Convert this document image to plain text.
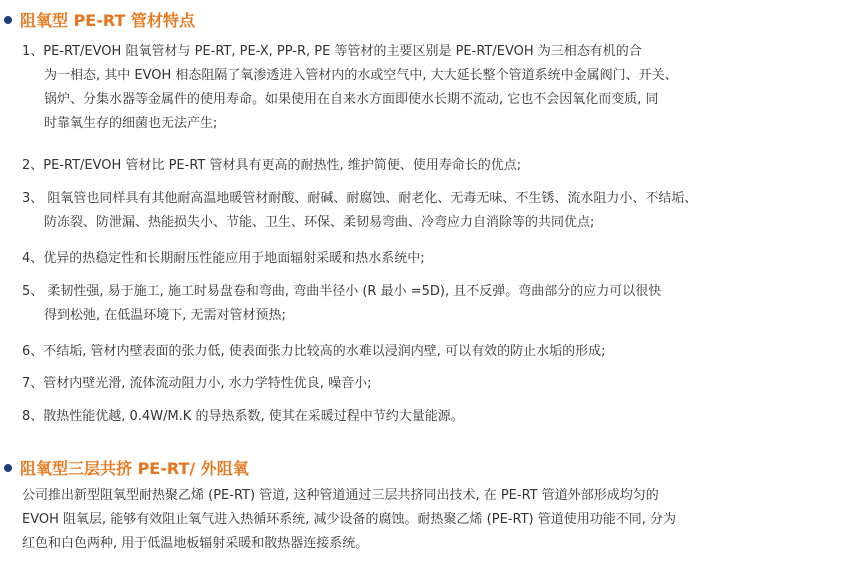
阻氧型 PE-RT 管材特点
1、PE-RT/EVOH 阻氧管材与 PE-RT, PE-X, PP-R, PE 等管材的主要区别是 PE-RT/EVOH 为三相态有机的合
为一相态, 其中 EVOH 相态阻隔了氧渗透进入管材内的水或空气中, 大大延长整个管道系统中金属阀门、开关、
锅炉、分集水器等金属件的使用寿命。如果使用在自来水方面即使水长期不流动, 它也不会因氧化而变质, 同
时靠氧生存的细菌也无法产生;
2、PE-RT/EVOH 管材比 PE-RT 管材具有更高的耐热性, 维护简便、使用寿命长的优点;
3、 阻氧管也同样具有其他耐高温地暖管材耐酸、耐碱、耐腐蚀、耐老化、无毒无味、不生锈、流水阻力小、不结垢、
防冻裂、防泄漏、热能损失小、节能、卫生、环保、柔韧易弯曲、冷弯应力自消除等的共同优点;
4、优异的热稳定性和长期耐压性能应用于地面辐射采暖和热水系统中;
5、 柔韧性强, 易于施工, 施工时易盘卷和弯曲, 弯曲半径小 (R 最小 =5D), 且不反弹。弯曲部分的应力可以很快
得到松弛, 在低温环境下, 无需对管材预热;
6、不结垢, 管材内壁表面的张力低, 使表面张力比较高的水难以浸润内壁, 可以有效的防止水垢的形成;
7、管材内壁光滑, 流体流动阻力小, 水力学特性优良, 噪音小;
8、散热性能优越, 0.4W/M.K 的导热系数, 使其在采暖过程中节约大量能源。
阻氧型三层共挤 PE-RT/ 外阻氧
公司推出新型阻氧型耐热聚乙烯 (PE-RT) 管道, 这种管道通过三层共挤同出技术, 在 PE-RT 管道外部形成均匀的
EVOH 阻氧层, 能够有效阻止氧气进入热循环系统, 减少设备的腐蚀。耐热聚乙烯 (PE-RT) 管道使用功能不同, 分为
红色和白色两种, 用于低温地板辐射采暖和散热器连接系统。
